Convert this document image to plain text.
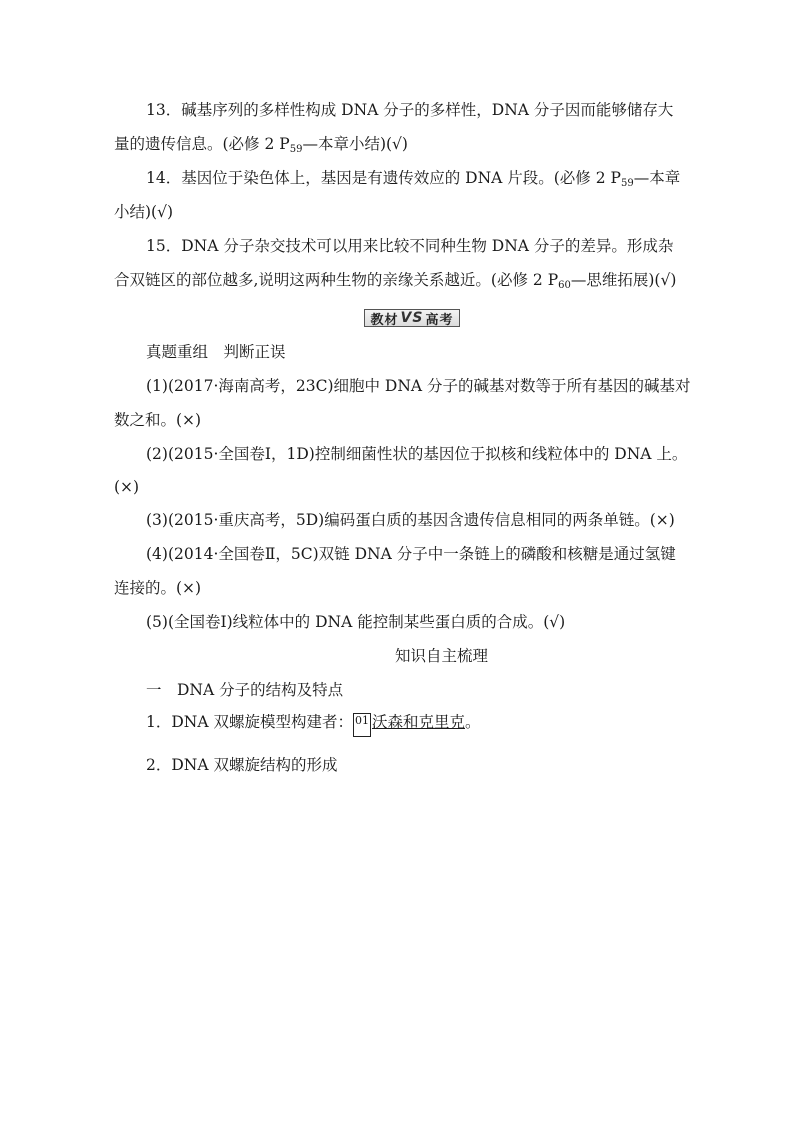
13．碱基序列的多样性构成 DNA 分子的多样性，DNA 分子因而能够储存大
量的遗传信息。(必修 2 $P_{59}—$本章小结)(√)
14．基因位于染色体上，基因是有遗传效应的 DNA 片段。(必修 2 $P_{59}—$本章
小结)(√)
15．DNA 分子杂交技术可以用来比较不同种生物 DNA 分子的差异。形成杂
合双链区的部位越多,说明这两种生物的亲缘关系越近。(必修 2 $P_{60}—$思维拓展)(√)
教材 VS 高考
真题重组　判断正误
(1)(2017·海南高考，23C)细胞中 DNA 分子的碱基对数等于所有基因的碱基对
数之和。(×)
(2)(2015·全国卷Ⅰ，1D)控制细菌性状的基因位于拟核和线粒体中的 DNA 上。
(×)
(3)(2015·重庆高考，5D)编码蛋白质的基因含遗传信息相同的两条单链。(×)
(4)(2014·全国卷Ⅱ，5C)双链 DNA 分子中一条链上的磷酸和核糖是通过氢键
连接的。(×)
(5)(全国卷Ⅰ)线粒体中的 DNA 能控制某些蛋白质的合成。(√)
知识自主梳理
一　DNA 分子的结构及特点
1．DNA 双螺旋模型构建者： 01 沃森和克里克。
2．DNA 双螺旋结构的形成
